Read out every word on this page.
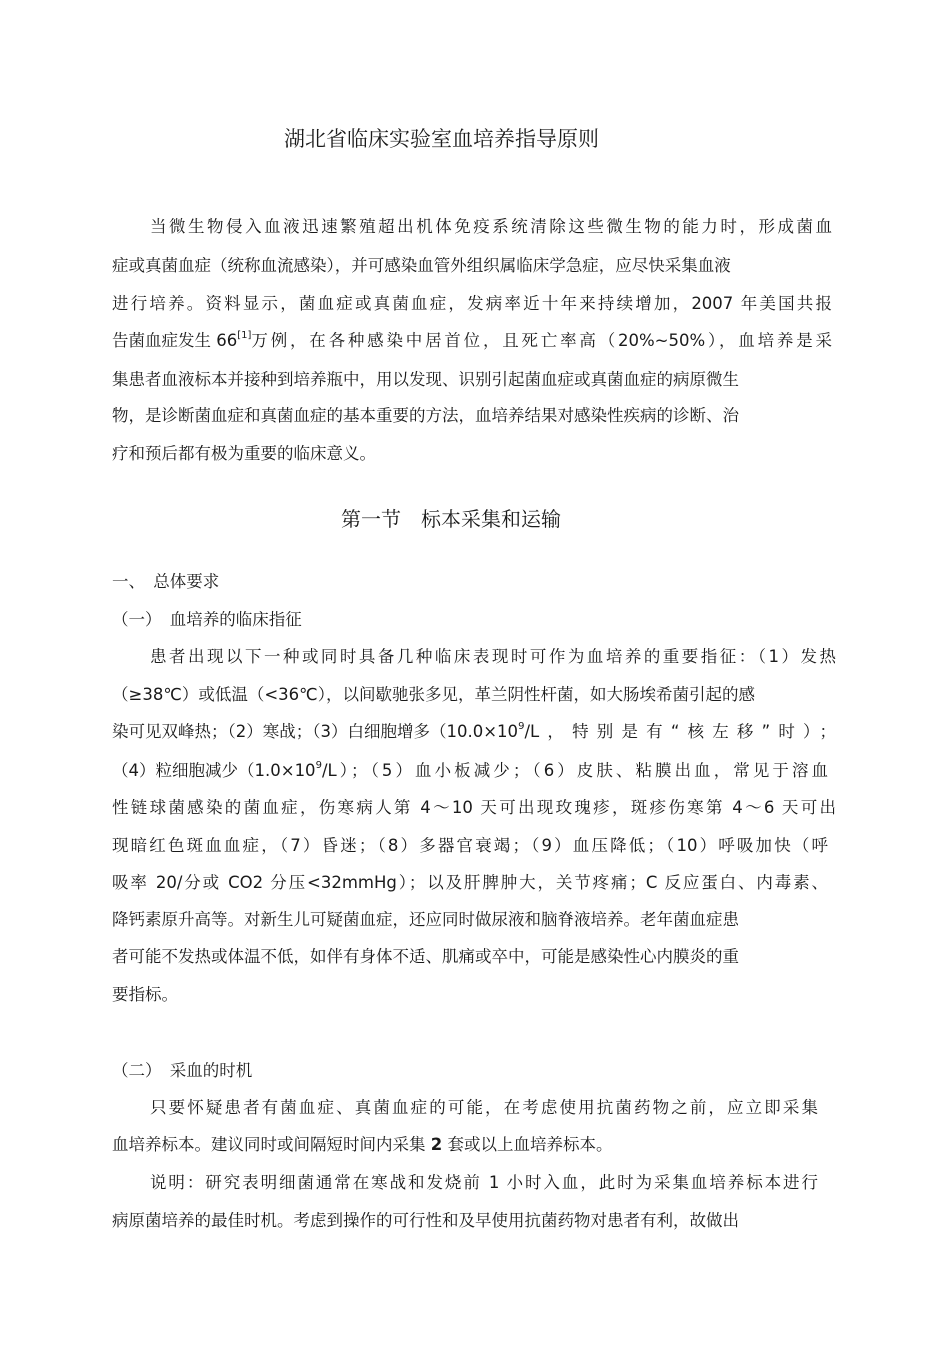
湖北省临床实验室血培养指导原则
当微生物侵入血液迅速繁殖超出机体免疫系统清除这些微生物的能力时，形成菌血
症或真菌血症（统称血流感染），并可感染血管外组织属临床学急症，应尽快采集血液
进行培养。资料显示，菌血症或真菌血症，发病率近十年来持续增加，2007 年美国共报
告菌血症发生 66[1] 万例，在各种感染中居首位，且死亡率高（20%~50%），血培养是采
集患者血液标本并接种到培养瓶中，用以发现、识别引起菌血症或真菌血症的病原微生
物，是诊断菌血症和真菌血症的基本重要的方法，血培养结果对感染性疾病的诊断、治
疗和预后都有极为重要的临床意义。
第一节　标本采集和运输
一、　总体要求
（一）　血培养的临床指征
患者出现以下一种或同时具备几种临床表现时可作为血培养的重要指征：（1）发热
（≥38℃）或低温（<36℃），以间歇驰张多见，革兰阴性杆菌，如大肠埃希菌引起的感
染可见双峰热；（2）寒战；（3）白细胞增多（$10.0\times 10^9$ /L，特别是有“核左移”时）；
（4）粒细胞减少（$1.0\times 10^9$ /L）；（5）血小板减少；（6）皮肤、粘膜出血，常见于溶血
性链球菌感染的菌血症，伤寒病人第 4～10 天可出现玫瑰疹，斑疹伤寒第 4～6 天可出
现暗红色斑血血症，（7）昏迷；（8）多器官衰竭；（9）血压降低；（10）呼吸加快（呼
吸率 20/分或 CO2 分压<32mmHg）；以及肝脾肿大，关节疼痛；C 反应蛋白、内毒素、
降钙素原升高等。对新生儿可疑菌血症，还应同时做尿液和脑脊液培养。老年菌血症患
者可能不发热或体温不低，如伴有身体不适、肌痛或卒中，可能是感染性心内膜炎的重
要指标。
（二）　采血的时机
只要怀疑患者有菌血症、真菌血症的可能，在考虑使用抗菌药物之前，应立即采集
血培养标本。建议同时或间隔短时间内采集 2 套或以上血培养标本。
说明：研究表明细菌通常在寒战和发烧前 1 小时入血，此时为采集血培养标本进行
病原菌培养的最佳时机。考虑到操作的可行性和及早使用抗菌药物对患者有利，故做出
